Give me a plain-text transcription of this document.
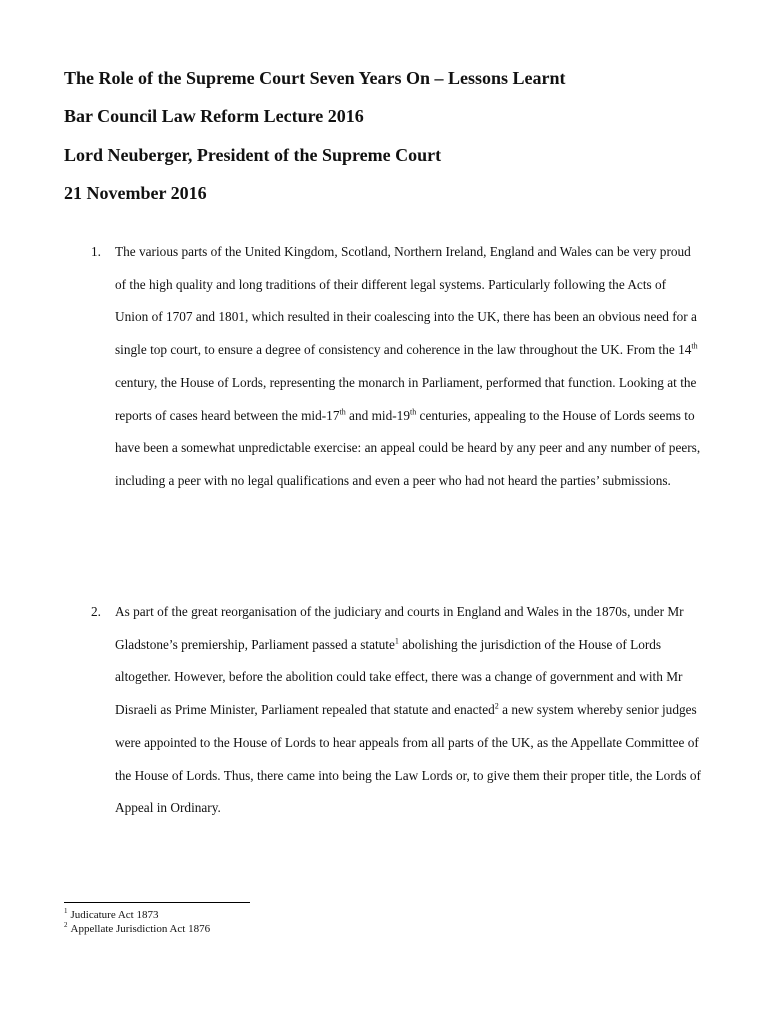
The Role of the Supreme Court Seven Years On – Lessons Learnt
Bar Council Law Reform Lecture 2016
Lord Neuberger, President of the Supreme Court
21 November 2016

1. The various parts of the United Kingdom, Scotland, Northern Ireland, England and Wales can be very proud of the high quality and long traditions of their different legal systems. Particularly following the Acts of Union of 1707 and 1801, which resulted in their coalescing into the UK, there has been an obvious need for a single top court, to ensure a degree of consistency and coherence in the law throughout the UK. From the 14th century, the House of Lords, representing the monarch in Parliament, performed that function. Looking at the reports of cases heard between the mid-17th and mid-19th centuries, appealing to the House of Lords seems to have been a somewhat unpredictable exercise: an appeal could be heard by any peer and any number of peers, including a peer with no legal qualifications and even a peer who had not heard the parties’ submissions.

2. As part of the great reorganisation of the judiciary and courts in England and Wales in the 1870s, under Mr Gladstone’s premiership, Parliament passed a statute$^1$ abolishing the jurisdiction of the House of Lords altogether. However, before the abolition could take effect, there was a change of government and with Mr Disraeli as Prime Minister, Parliament repealed that statute and enacted$^2$ a new system whereby senior judges were appointed to the House of Lords to hear appeals from all parts of the UK, as the Appellate Committee of the House of Lords. Thus, there came into being the Law Lords or, to give them their proper title, the Lords of Appeal in Ordinary.

$^1$ Judicature Act 1873
$^2$ Appellate Jurisdiction Act 1876
